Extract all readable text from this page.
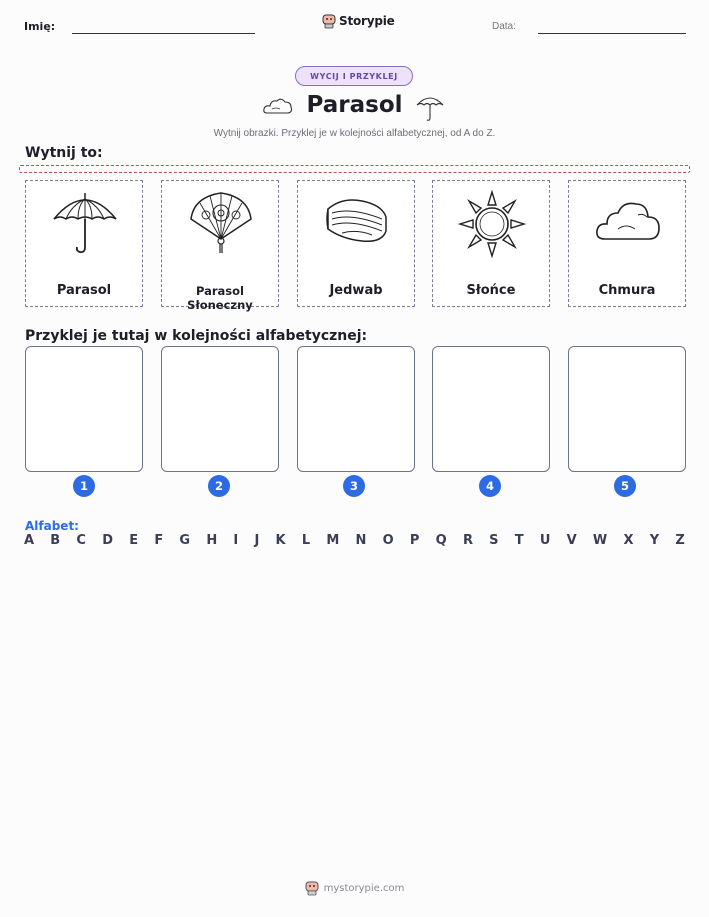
Imię:	Storypie	Data:
WYCIJ I PRZYKLEJ
Parasol
Wytnij obrazki. Przyklej je w kolejności alfabetycznej, od A do Z.
Wytnij to:
Parasol	Parasol Słoneczny
Jedwab	Słońce	Chmura
Przyklej je tutaj w kolejności alfabetycznej:
1	2	3	4	5
Alfabet:
A B C D E F G H I J K L M N O P Q R S T U V W X Y Z
mystorypie.com
